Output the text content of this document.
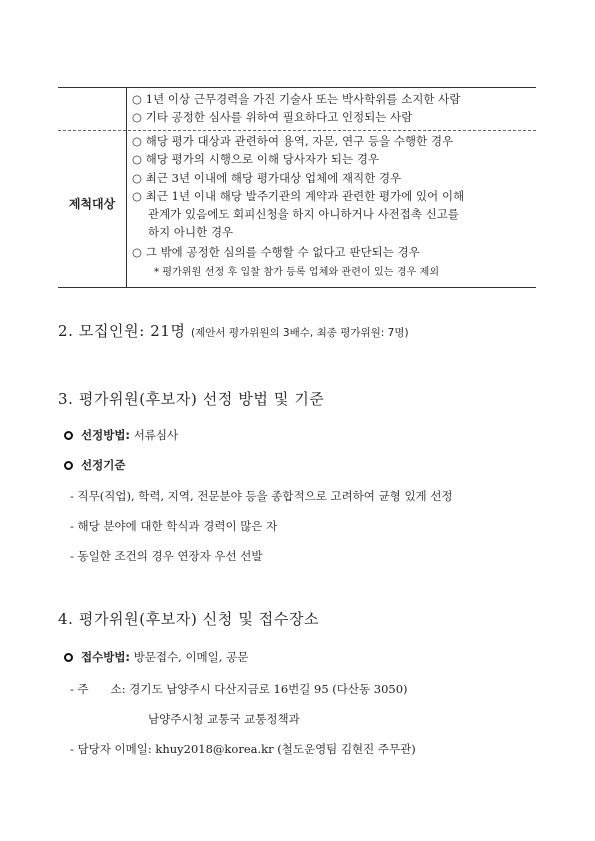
○ 1년 이상 근무경력을 가진 기술사 또는 박사학위를 소지한 사람
○ 기타 공정한 심사를 위하여 필요하다고 인정되는 사람
제척대상
○ 해당 평가 대상과 관련하여 용역, 자문, 연구 등을 수행한 경우
○ 해당 평가의 시행으로 이해 당사자가 되는 경우
○ 최근 3년 이내에 해당 평가대상 업체에 재직한 경우
○ 최근 1년 이내 해당 발주기관의 계약과 관련한 평가에 있어 이해
관계가 있음에도 회피신청을 하지 아니하거나 사전접촉 신고를
하지 아니한 경우
○ 그 밖에 공정한 심의를 수행할 수 없다고 판단되는 경우
* 평가위원 선정 후 입찰 참가 등록 업체와 관련이 있는 경우 제외
2. 모집인원: 21명 (제안서 평가위원의 3배수, 최종 평가위원: 7명)
3. 평가위원(후보자) 선정 방법 및 기준
선정방법: 서류심사
선정기준
- 직무(직업), 학력, 지역, 전문분야 등을 종합적으로 고려하여 균형 있게 선정
- 해당 분야에 대한 학식과 경력이 많은 자
- 동일한 조건의 경우 연장자 우선 선발
4. 평가위원(후보자) 신청 및 접수장소
접수방법: 방문접수, 이메일, 공문
- 주      소: 경기도 남양주시 다산지금로 16번길 95 (다산동 3050)
남양주시청 교통국 교통정책과
- 담당자 이메일: khuy2018@korea.kr (철도운영팀 김현진 주무관)
